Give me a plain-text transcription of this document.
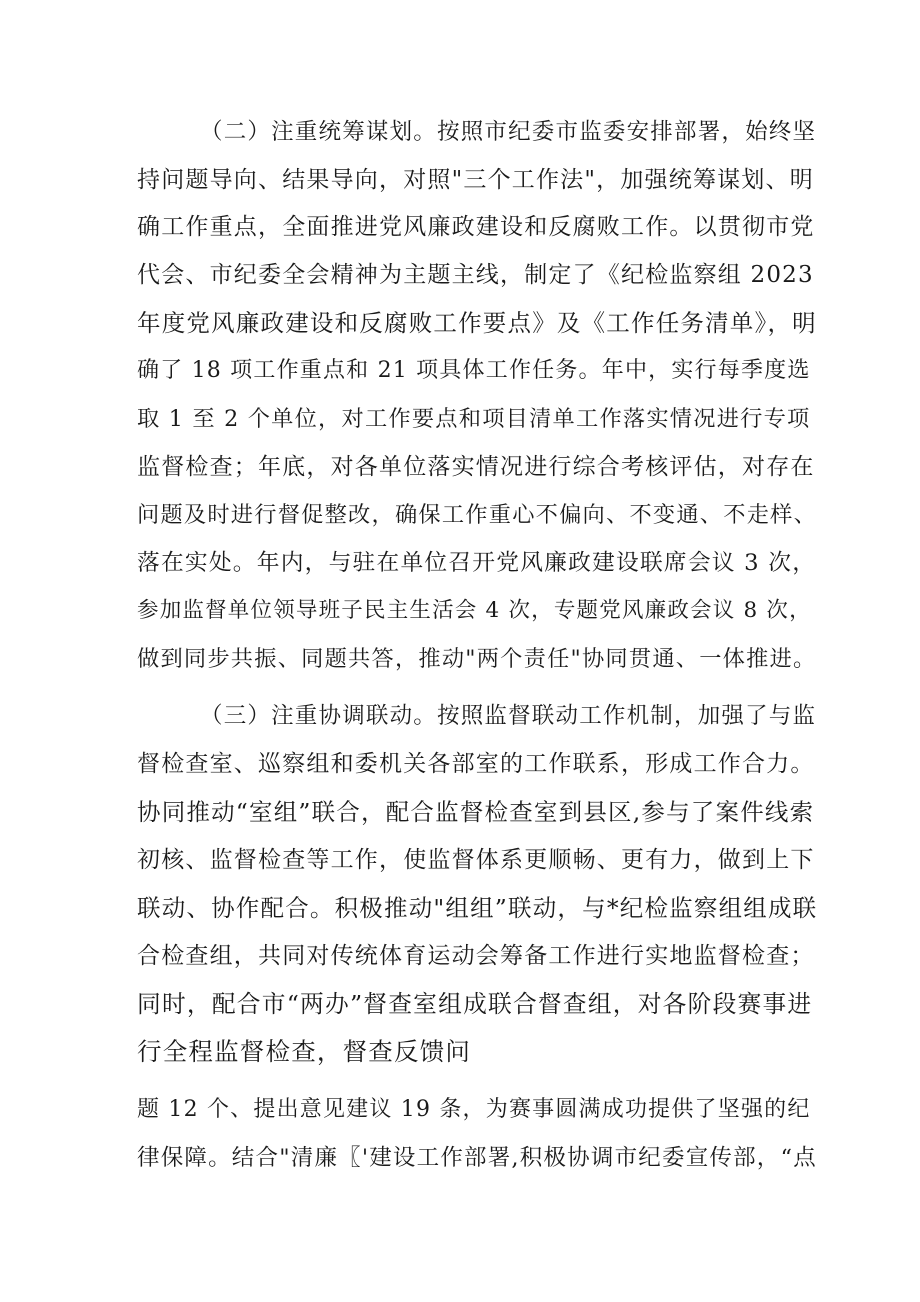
（二）注重统筹谋划。按照市纪委市监委安排部署，始终坚
持问题导向、结果导向，对照"三个工作法"，加强统筹谋划、明
确工作重点，全面推进党风廉政建设和反腐败工作。以贯彻市党
代会、市纪委全会精神为主题主线，制定了《纪检监察组 2023
年度党风廉政建设和反腐败工作要点》及《工作任务清单》，明
确了 18 项工作重点和 21 项具体工作任务。年中，实行每季度选
取 1 至 2 个单位，对工作要点和项目清单工作落实情况进行专项
监督检查；年底，对各单位落实情况进行综合考核评估，对存在
问题及时进行督促整改，确保工作重心不偏向、不变通、不走样、
落在实处。年内，与驻在单位召开党风廉政建设联席会议 3 次，
参加监督单位领导班子民主生活会 4 次，专题党风廉政会议 8 次，
做到同步共振、同题共答，推动"两个责任"协同贯通、一体推进。
（三）注重协调联动。按照监督联动工作机制，加强了与监
督检查室、巡察组和委机关各部室的工作联系，形成工作合力。
协同推动“室组”联合，配合监督检查室到县区,参与了案件线索
初核、监督检查等工作，使监督体系更顺畅、更有力，做到上下
联动、协作配合。积极推动"组组”联动，与*纪检监察组组成联
合检查组，共同对传统体育运动会筹备工作进行实地监督检查；
同时，配合市“两办”督查室组成联合督查组，对各阶段赛事进
行全程监督检查，督查反馈问
题 12 个、提出意见建议 19 条，为赛事圆满成功提供了坚强的纪
律保障。结合"清廉〖'建设工作部署,积极协调市纪委宣传部，“点
